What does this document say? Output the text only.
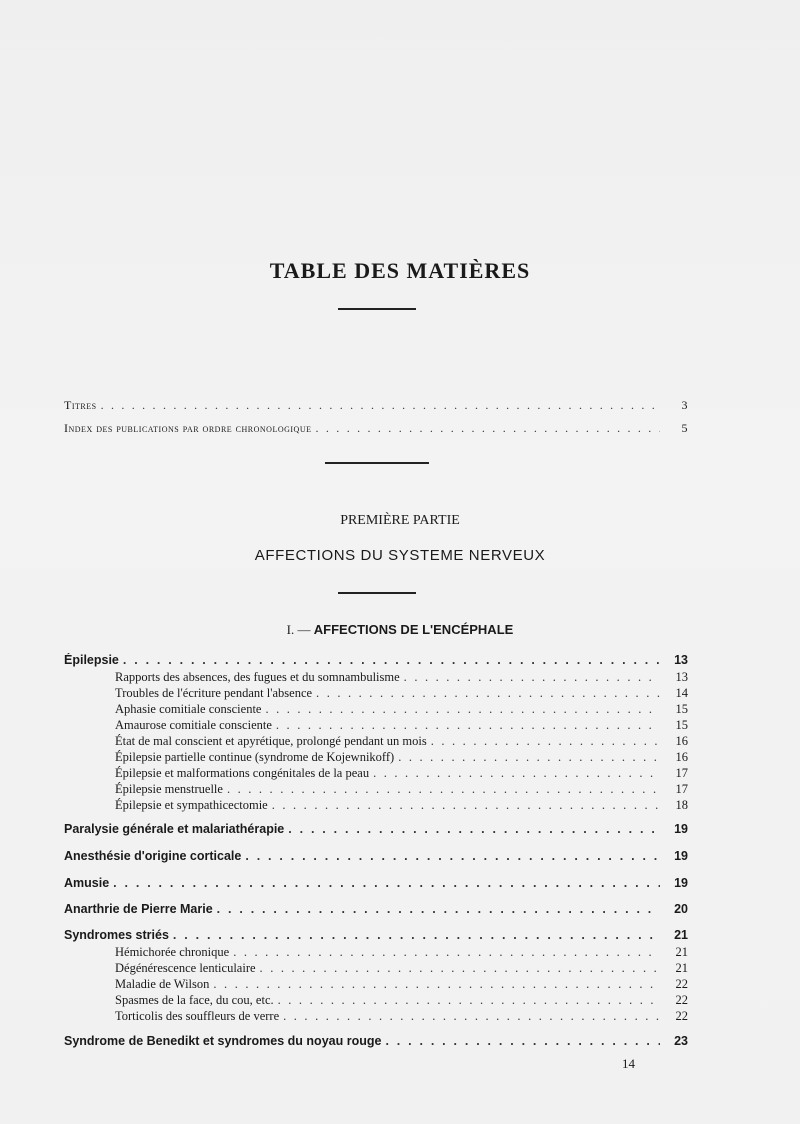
TABLE DES MATIÈRES
Titres . . .	3
Index des publications par ordre chronologique . . .	5
PREMIÈRE PARTIE
AFFECTIONS DU SYSTEME NERVEUX
I. — AFFECTIONS DE L'ENCÉPHALE
Épilepsie . . .	13
Rapports des absences, des fugues et du somnambulisme . . .	13
Troubles de l'écriture pendant l'absence . . .	14
Aphasie comitiale consciente . . .	15
Amaurose comitiale consciente . . .	15
État de mal conscient et apyrétique, prolongé pendant un mois . . .	16
Épilepsie partielle continue (syndrome de Kojewnikoff) . . .	16
Épilepsie et malformations congénitales de la peau . . .	17
Épilepsie menstruelle . . .	17
Épilepsie et sympathicectomie . . .	18
Paralysie générale et malariathérapie . . .	19
Anesthésie d'origine corticale . . .	19
Amusie . . .	19
Anarthrie de Pierre Marie . . .	20
Syndromes striés . . .	21
Hémichorée chronique . . .	21
Dégénérescence lenticulaire . . .	21
Maladie de Wilson . . .	22
Spasmes de la face, du cou, etc. . . .	22
Torticolis des souffleurs de verre . . .	22
Syndrome de Benedikt et syndromes du noyau rouge . . .	23
14
